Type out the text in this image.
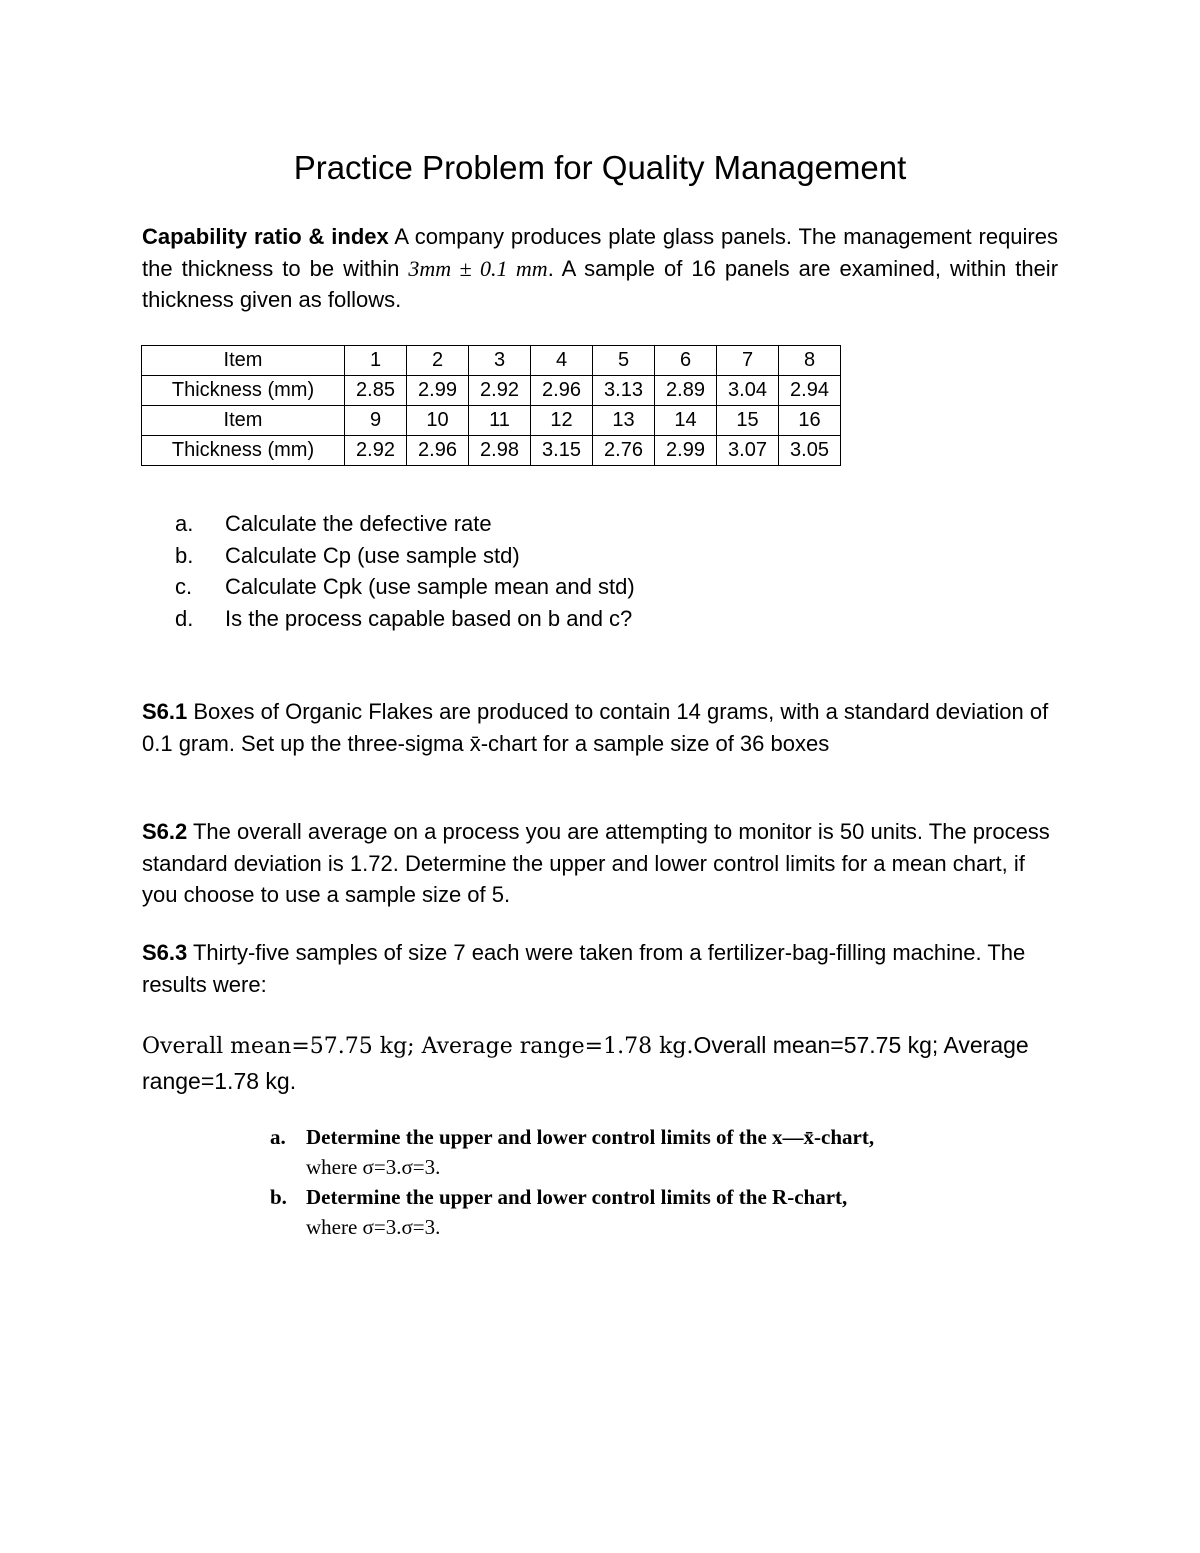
Practice Problem for Quality Management
Capability ratio & index A company produces plate glass panels. The management requires the thickness to be within 3mm ± 0.1 mm. A sample of 16 panels are examined, within their thickness given as follows.
Item	1	2	3	4	5	6	7	8
Thickness (mm)	2.85	2.99	2.92	2.96	3.13	2.89	3.04	2.94
Item	9	10	11	12	13	14	15	16
Thickness (mm)	2.92	2.96	2.98	3.15	2.76	2.99	3.07	3.05
a. Calculate the defective rate
b. Calculate Cp (use sample std)
c. Calculate Cpk (use sample mean and std)
d. Is the process capable based on b and c?
S6.1 Boxes of Organic Flakes are produced to contain 14 grams, with a standard deviation of 0.1 gram. Set up the three-sigma x̄-chart for a sample size of 36 boxes
S6.2 The overall average on a process you are attempting to monitor is 50 units. The process standard deviation is 1.72. Determine the upper and lower control limits for a mean chart, if you choose to use a sample size of 5.
S6.3 Thirty-five samples of size 7 each were taken from a fertilizer-bag-filling machine. The results were:
Overall mean=57.75 kg; Average range=1.78 kg.Overall mean=57.75 kg; Average range=1.78 kg.
a. Determine the upper and lower control limits of the x—x̄-chart,
where σ=3.σ=3.
b. Determine the upper and lower control limits of the R-chart,
where σ=3.σ=3.
